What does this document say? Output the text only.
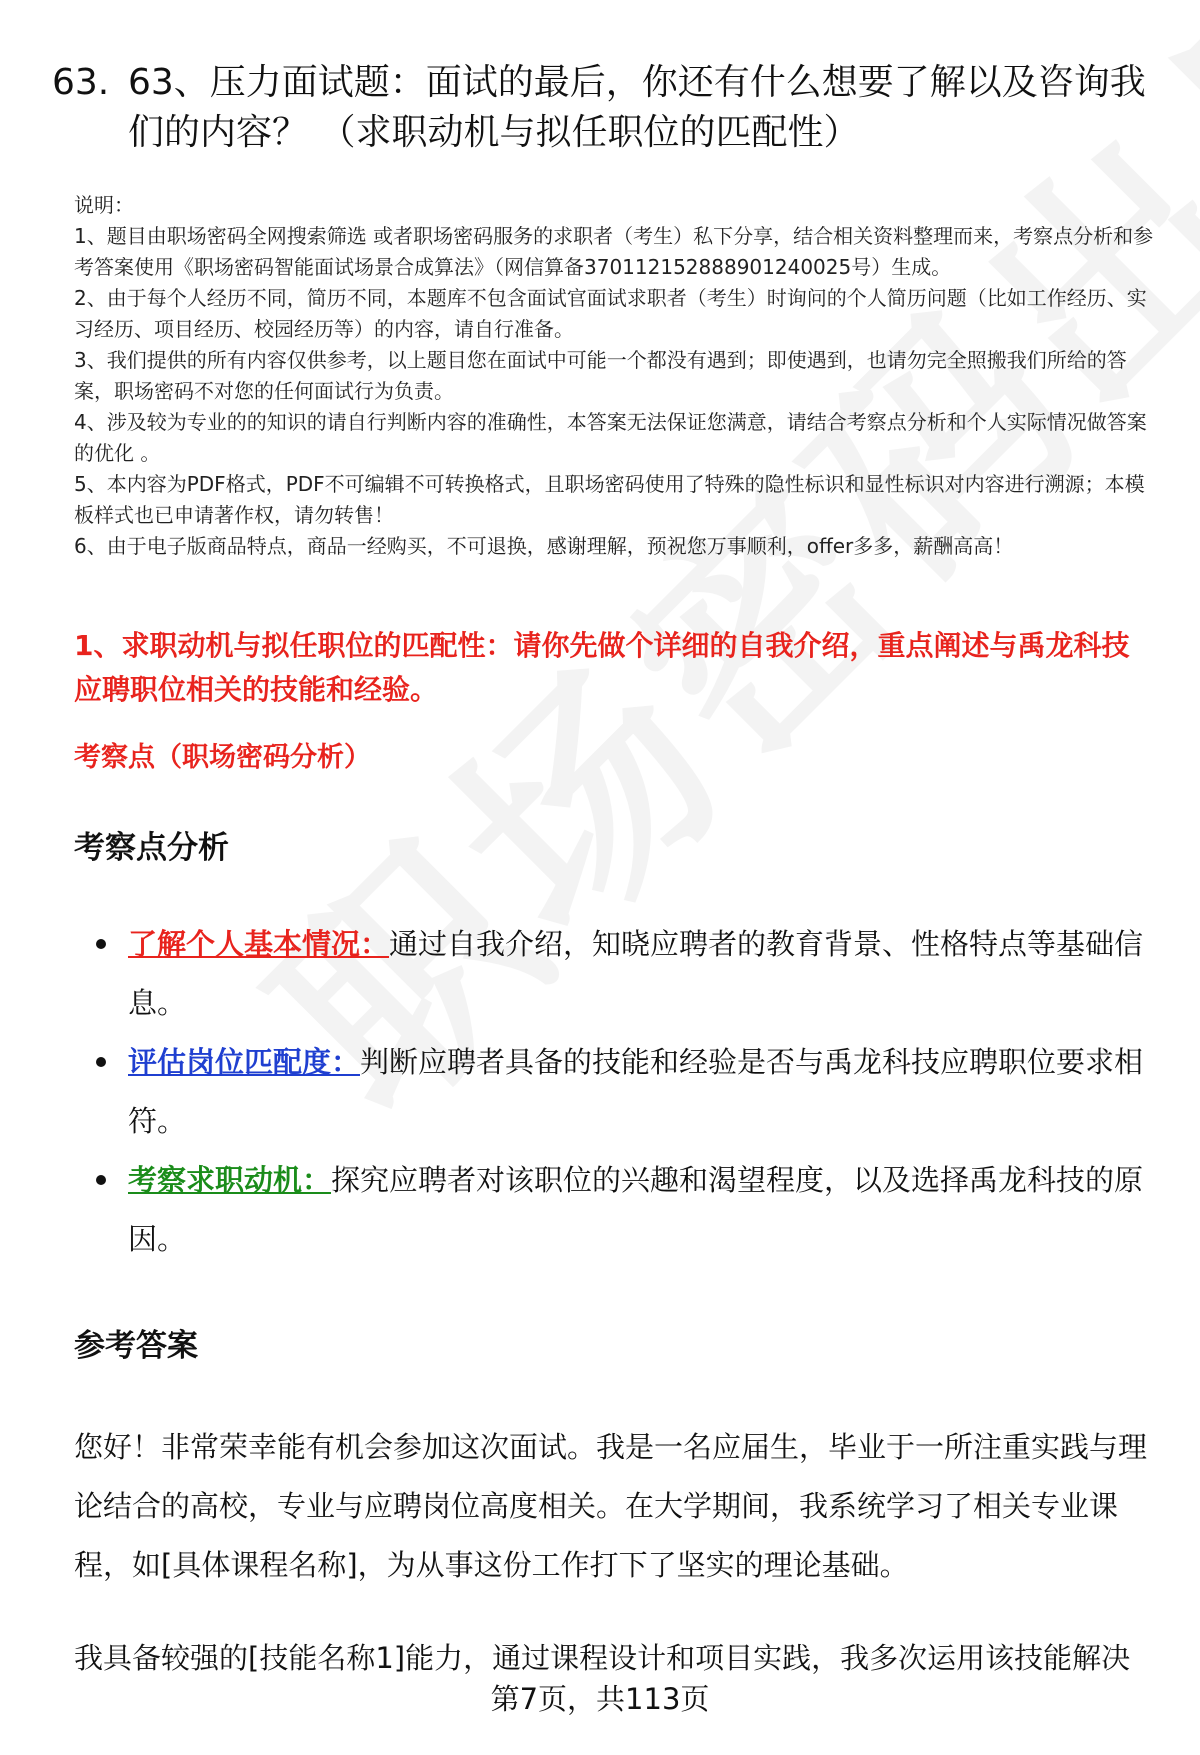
63. 63、压力面试题：面试的最后，你还有什么想要了解以及咨询我们的内容？ （求职动机与拟任职位的匹配性）

说明：

1、题目由职场密码全网搜索筛选 或者职场密码服务的求职者（考生）私下分享，结合相关资料整理而来，考察点分析和参考答案使用《职场密码智能面试场景合成算法》（网信算备370112152888901240025号）生成。

2、由于每个人经历不同，简历不同，本题库不包含面试官面试求职者（考生）时询问的个人简历问题（比如工作经历、实习经历、项目经历、校园经历等）的内容，请自行准备。

3、我们提供的所有内容仅供参考，以上题目您在面试中可能一个都没有遇到；即使遇到，也请勿完全照搬我们所给的答案，职场密码不对您的任何面试行为负责。

4、涉及较为专业的的知识的请自行判断内容的准确性，本答案无法保证您满意，请结合考察点分析和个人实际情况做答案的优化 。

5、本内容为PDF格式，PDF不可编辑不可转换格式，且职场密码使用了特殊的隐性标识和显性标识对内容进行溯源；本模板样式也已申请著作权，请勿转售！

6、由于电子版商品特点，商品一经购买，不可退换，感谢理解，预祝您万事顺利，offer多多，薪酬高高！

1、求职动机与拟任职位的匹配性：请你先做个详细的自我介绍，重点阐述与禹龙科技应聘职位相关的技能和经验。
考察点（职场密码分析）
考察点分析
了解个人基本情况：通过自我介绍，知晓应聘者的教育背景、性格特点等基础信息。
评估岗位匹配度：判断应聘者具备的技能和经验是否与禹龙科技应聘职位要求相符。
考察求职动机：探究应聘者对该职位的兴趣和渴望程度，以及选择禹龙科技的原因。
参考答案

您好！非常荣幸能有机会参加这次面试。我是一名应届生，毕业于一所注重实践与理论结合的高校，专业与应聘岗位高度相关。在大学期间，我系统学习了相关专业课程，如[具体课程名称]，为从事这份工作打下了坚实的理论基础。

我具备较强的[技能名称1]能力，通过课程设计和项目实践，我多次运用该技能解决

第7页，共113页
